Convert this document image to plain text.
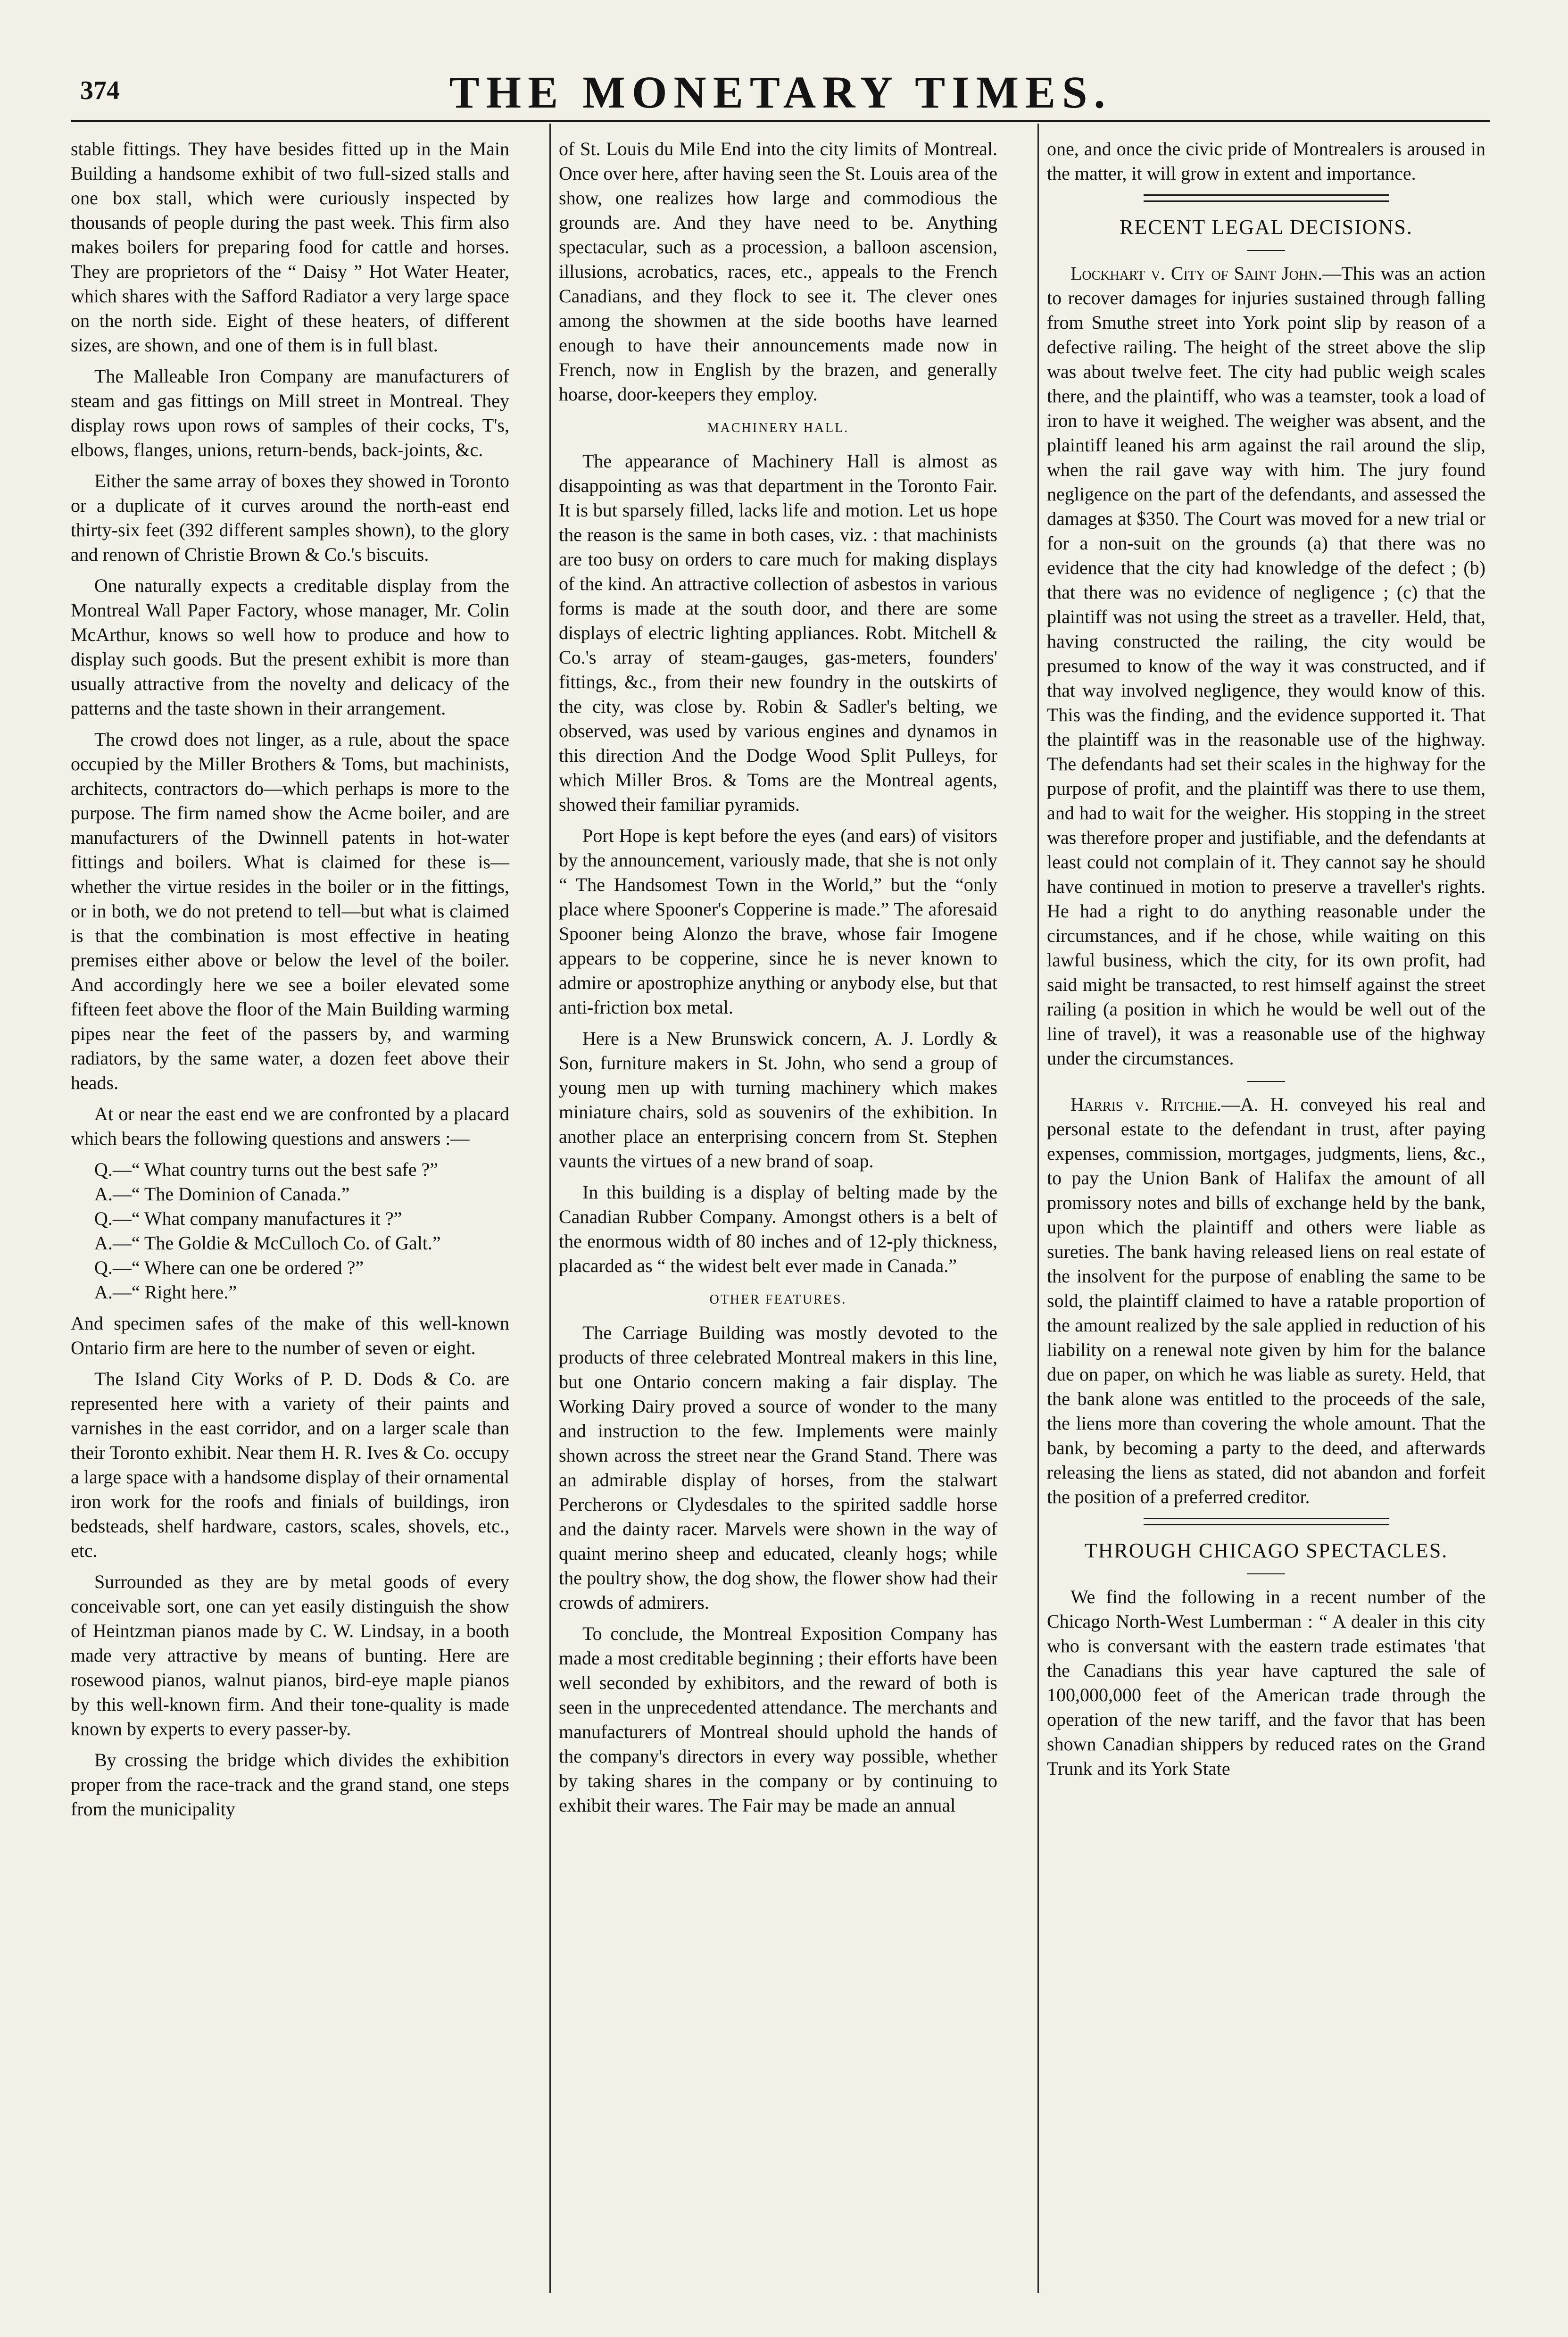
374	THE MONETARY TIMES.

stable fittings. They have besides fitted up in the Main Building a handsome exhibit of two full-sized stalls and one box stall, which were curiously inspected by thousands of people during the past week. This firm also makes boilers for preparing food for cattle and horses. They are proprietors of the “ Daisy ” Hot Water Heater, which shares with the Safford Radiator a very large space on the north side. Eight of these heaters, of different sizes, are shown, and one of them is in full blast.

The Malleable Iron Company are manufacturers of steam and gas fittings on Mill street in Montreal. They display rows upon rows of samples of their cocks, T's, elbows, flanges, unions, return-bends, back-joints, &c.

Either the same array of boxes they showed in Toronto or a duplicate of it curves around the north-east end thirty-six feet (392 different samples shown), to the glory and renown of Christie Brown & Co.'s biscuits.

One naturally expects a creditable display from the Montreal Wall Paper Factory, whose manager, Mr. Colin McArthur, knows so well how to produce and how to display such goods. But the present exhibit is more than usually attractive from the novelty and delicacy of the patterns and the taste shown in their arrangement.

The crowd does not linger, as a rule, about the space occupied by the Miller Brothers & Toms, but machinists, architects, contractors do—which perhaps is more to the purpose. The firm named show the Acme boiler, and are manufacturers of the Dwinnell patents in hot-water fittings and boilers. What is claimed for these is—whether the virtue resides in the boiler or in the fittings, or in both, we do not pretend to tell—but what is claimed is that the combination is most effective in heating premises either above or below the level of the boiler. And accordingly here we see a boiler elevated some fifteen feet above the floor of the Main Building warming pipes near the feet of the passers by, and warming radiators, by the same water, a dozen feet above their heads.

At or near the east end we are confronted by a placard which bears the following questions and answers :—

Q.—“ What country turns out the best safe ?”

A.—“ The Dominion of Canada.”

Q.—“ What company manufactures it ?”

A.—“ The Goldie & McCulloch Co. of Galt.”

Q.—“ Where can one be ordered ?”

A.—“ Right here.”

And specimen safes of the make of this well-known Ontario firm are here to the number of seven or eight.

The Island City Works of P. D. Dods & Co. are represented here with a variety of their paints and varnishes in the east corridor, and on a larger scale than their Toronto exhibit. Near them H. R. Ives & Co. occupy a large space with a handsome display of their ornamental iron work for the roofs and finials of buildings, iron bedsteads, shelf hardware, castors, scales, shovels, etc., etc.

Surrounded as they are by metal goods of every conceivable sort, one can yet easily distinguish the show of Heintzman pianos made by C. W. Lindsay, in a booth made very attractive by means of bunting. Here are rosewood pianos, walnut pianos, bird-eye maple pianos by this well-known firm. And their tone-quality is made known by experts to every passer-by.

By crossing the bridge which divides the exhibition proper from the race-track and the grand stand, one steps from the municipality

of St. Louis du Mile End into the city limits of Montreal. Once over here, after having seen the St. Louis area of the show, one realizes how large and commodious the grounds are. And they have need to be. Anything spectacular, such as a procession, a balloon ascension, illusions, acrobatics, races, etc., appeals to the French Canadians, and they flock to see it. The clever ones among the showmen at the side booths have learned enough to have their announcements made now in French, now in English by the brazen, and generally hoarse, door-keepers they employ.

MACHINERY HALL.

The appearance of Machinery Hall is almost as disappointing as was that department in the Toronto Fair. It is but sparsely filled, lacks life and motion. Let us hope the reason is the same in both cases, viz. : that machinists are too busy on orders to care much for making displays of the kind. An attractive collection of asbestos in various forms is made at the south door, and there are some displays of electric lighting appliances. Robt. Mitchell & Co.'s array of steam-gauges, gas-meters, founders' fittings, &c., from their new foundry in the outskirts of the city, was close by. Robin & Sadler's belting, we observed, was used by various engines and dynamos in this direction And the Dodge Wood Split Pulleys, for which Miller Bros. & Toms are the Montreal agents, showed their familiar pyramids.

Port Hope is kept before the eyes (and ears) of visitors by the announcement, variously made, that she is not only “ The Handsomest Town in the World,” but the “only place where Spooner's Copperine is made.” The aforesaid Spooner being Alonzo the brave, whose fair Imogene appears to be copperine, since he is never known to admire or apostrophize anything or anybody else, but that anti-friction box metal.

Here is a New Brunswick concern, A. J. Lordly & Son, furniture makers in St. John, who send a group of young men up with turning machinery which makes miniature chairs, sold as souvenirs of the exhibition. In another place an enterprising concern from St. Stephen vaunts the virtues of a new brand of soap.

In this building is a display of belting made by the Canadian Rubber Company. Amongst others is a belt of the enormous width of 80 inches and of 12-ply thickness, placarded as “ the widest belt ever made in Canada.”

OTHER FEATURES.

The Carriage Building was mostly devoted to the products of three celebrated Montreal makers in this line, but one Ontario concern making a fair display. The Working Dairy proved a source of wonder to the many and instruction to the few. Implements were mainly shown across the street near the Grand Stand. There was an admirable display of horses, from the stalwart Percherons or Clydesdales to the spirited saddle horse and the dainty racer. Marvels were shown in the way of quaint merino sheep and educated, cleanly hogs; while the poultry show, the dog show, the flower show had their crowds of admirers.

To conclude, the Montreal Exposition Company has made a most creditable beginning ; their efforts have been well seconded by exhibitors, and the reward of both is seen in the unprecedented attendance. The merchants and manufacturers of Montreal should uphold the hands of the company's directors in every way possible, whether by taking shares in the company or by continuing to exhibit their wares. The Fair may be made an annual

one, and once the civic pride of Montrealers is aroused in the matter, it will grow in extent and importance.

RECENT LEGAL DECISIONS.

Lockhart v. City of Saint John.—This was an action to recover damages for injuries sustained through falling from Smuthe street into York point slip by reason of a defective railing. The height of the street above the slip was about twelve feet. The city had public weigh scales there, and the plaintiff, who was a teamster, took a load of iron to have it weighed. The weigher was absent, and the plaintiff leaned his arm against the rail around the slip, when the rail gave way with him. The jury found negligence on the part of the defendants, and assessed the damages at $350. The Court was moved for a new trial or for a non-suit on the grounds (a) that there was no evidence that the city had knowledge of the defect ; (b) that there was no evidence of negligence ; (c) that the plaintiff was not using the street as a traveller. Held, that, having constructed the railing, the city would be presumed to know of the way it was constructed, and if that way involved negligence, they would know of this. This was the finding, and the evidence supported it. That the plaintiff was in the reasonable use of the highway. The defendants had set their scales in the highway for the purpose of profit, and the plaintiff was there to use them, and had to wait for the weigher. His stopping in the street was therefore proper and justifiable, and the defendants at least could not complain of it. They cannot say he should have continued in motion to preserve a traveller's rights. He had a right to do anything reasonable under the circumstances, and if he chose, while waiting on this lawful business, which the city, for its own profit, had said might be transacted, to rest himself against the street railing (a position in which he would be well out of the line of travel), it was a reasonable use of the highway under the circumstances.

Harris v. Ritchie.—A. H. conveyed his real and personal estate to the defendant in trust, after paying expenses, commission, mortgages, judgments, liens, &c., to pay the Union Bank of Halifax the amount of all promissory notes and bills of exchange held by the bank, upon which the plaintiff and others were liable as sureties. The bank having released liens on real estate of the insolvent for the purpose of enabling the same to be sold, the plaintiff claimed to have a ratable proportion of the amount realized by the sale applied in reduction of his liability on a renewal note given by him for the balance due on paper, on which he was liable as surety. Held, that the bank alone was entitled to the proceeds of the sale, the liens more than covering the whole amount. That the bank, by becoming a party to the deed, and afterwards releasing the liens as stated, did not abandon and forfeit the position of a preferred creditor.

THROUGH CHICAGO SPECTACLES.

We find the following in a recent number of the Chicago North-West Lumberman : “ A dealer in this city who is conversant with the eastern trade estimates 'that the Canadians this year have captured the sale of 100,000,000 feet of the American trade through the operation of the new tariff, and the favor that has been shown Canadian shippers by reduced rates on the Grand Trunk and its York State
